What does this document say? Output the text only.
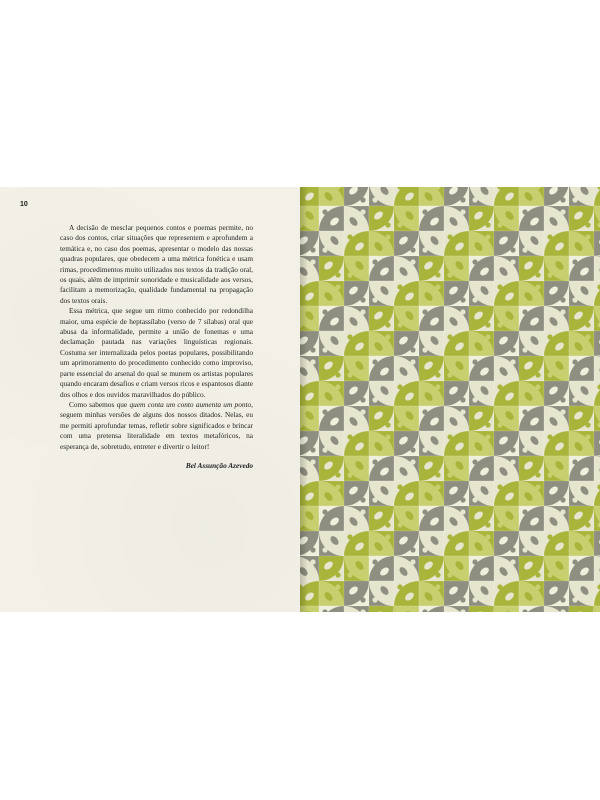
10

A decisão de mesclar pequenos contos e poemas permite, no caso dos contos, criar situações que representem e aprofundem a temática e, no caso dos poemas, apresentar o modelo das nossas quadras populares, que obedecem a uma métrica fonética e usam rimas, procedimentos muito utilizados nos textos da tradição oral, os quais, além de imprimir sonoridade e musicalidade aos versos, facilitam a memorização, qualidade fundamental na propagação dos textos orais.

Essa métrica, que segue um ritmo conhecido por redondilha maior, uma espécie de heptassílabo (verso de 7 sílabas) oral que abusa da informalidade, permite a união de fonemas e uma declamação pautada nas variações linguísticas regionais. Costuma ser internalizada pelos poetas populares, possibilitando um aprimoramento do procedimento conhecido como improviso, parte essencial do arsenal do qual se munem os artistas populares quando encaram desafios e criam versos ricos e espantosos diante dos olhos e dos ouvidos maravilhados do público.

Como sabemos que quem conta um conto aumenta um ponto, seguem minhas versões de alguns dos nossos ditados. Nelas, eu me permiti aprofundar temas, refletir sobre significados e brincar com uma pretensa literalidade em textos metafóricos, na esperança de, sobretudo, entreter e divertir o leitor!

Bel Assunção Azevedo
